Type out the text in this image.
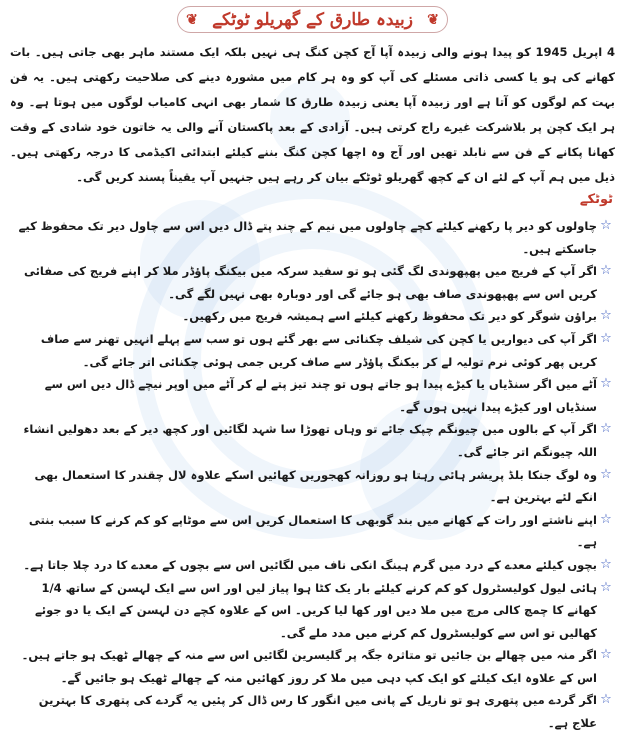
❦ زبیدہ طارق کے گھریلو ٹوٹکے ❦
4 اپریل 1945 کو پیدا ہونے والی زبیدہ آپا آج کچن کنگ ہی نہیں بلکہ ایک مستند ماہر بھی جاتی ہیں۔ بات کھانے کی ہو یا کسی ذاتی مسئلے کی آپ کو وہ ہر کام میں مشورہ دینے کی صلاحیت رکھتی ہیں۔ یہ فن بہت کم لوگوں کو آتا ہے اور زبیدہ آپا یعنی زبیدہ طارق کا شمار بھی انہی کامیاب لوگوں میں ہوتا ہے۔ وہ ہر ایک کچن پر بلاشرکت غیرے راج کرتی ہیں۔ آزادی کے بعد پاکستان آنے والی یہ خاتون خود شادی کے وقت کھانا پکانے کے فن سے نابلد تھیں اور آج وہ اچھا کچن کنگ بننے کیلئے ابتدائی اکیڈمی کا درجہ رکھتی ہیں۔ ذیل میں ہم آپ کے لئے ان کے کچھ گھریلو ٹوٹکے بیان کر رہے ہیں جنہیں آپ یقیناً پسند کریں گی۔
ٹوٹکے
☆
چاولوں کو دیر پا رکھنے کیلئے کچے چاولوں میں نیم کے چند پتے ڈال دیں اس سے چاول دیر تک محفوظ کیے جاسکتے ہیں۔
☆
اگر آپ کے فریج میں پھپھوندی لگ گئی ہو تو سفید سرکہ میں بیکنگ پاؤڈر ملا کر اپنے فریج کی صفائی کریں اس سے پھپھوندی صاف بھی ہو جائے گی اور دوبارہ بھی نہیں لگے گی۔
☆
براؤن شوگر کو دیر تک محفوظ رکھنے کیلئے اسے ہمیشہ فریج میں رکھیں۔
☆
اگر آپ کی دیواریں یا کچن کی شیلف چکنائی سے بھر گئے ہوں تو سب سے پہلے انہیں تھنر سے صاف کریں پھر کوئی نرم تولیہ لے کر بیکنگ پاؤڈر سے صاف کریں جمی ہوئی چکنائی اتر جائے گی۔
☆
آٹے میں اگر سنڈیاں یا کیڑے پیدا ہو جاتے ہوں تو چند تیز پتے لے کر آٹے میں اوپر نیچے ڈال دیں اس سے سنڈیاں اور کیڑے پیدا نہیں ہوں گے۔
☆
اگر آپ کے بالوں میں چیونگم چپک جائے تو وہاں تھوڑا سا شہد لگائیں اور کچھ دیر کے بعد دھولیں انشاء اللہ چیونگم اتر جائے گی۔
☆
وہ لوگ جنکا بلڈ پریشر ہائی رہتا ہو روزانہ کھجوریں کھائیں اسکے علاوہ لال چقندر کا استعمال بھی انکے لئے بہترین ہے۔
☆
اپنے ناشتے اور رات کے کھانے میں بند گوبھی کا استعمال کریں اس سے موٹاپے کو کم کرنے کا سبب بنتی ہے۔
☆
بچوں کیلئے معدے کے درد میں گرم ہینگ انکی ناف میں لگائیں اس سے بچوں کے معدے کا درد چلا جاتا ہے۔
☆
ہائی لیول کولیسٹرول کو کم کرنے کیلئے بار یک کٹا ہوا پیاز لیں اور اس سے ایک لہسن کے ساتھ 1/4 کھانے کا چمچ کالی مرچ میں ملا دیں اور کھا لیا کریں۔ اس کے علاوہ کچے دن لہسن کے ایک یا دو جوئے کھالیں تو اس سے کولیسٹرول کم کرنے میں مدد ملے گی۔
☆
اگر منہ میں چھالے بن جائیں تو متاثرہ جگہ پر گلیسرین لگائیں اس سے منہ کے چھالے ٹھیک ہو جاتے ہیں۔ اس کے علاوہ ایک کیلئے کو ایک کپ دہی میں ملا کر روز کھائیں منہ کے چھالے ٹھیک ہو جائیں گے۔
☆
اگر گردے میں پتھری ہو تو ناریل کے پانی میں انگور کا رس ڈال کر پئیں یہ گردے کی پتھری کا بہترین علاج ہے۔
